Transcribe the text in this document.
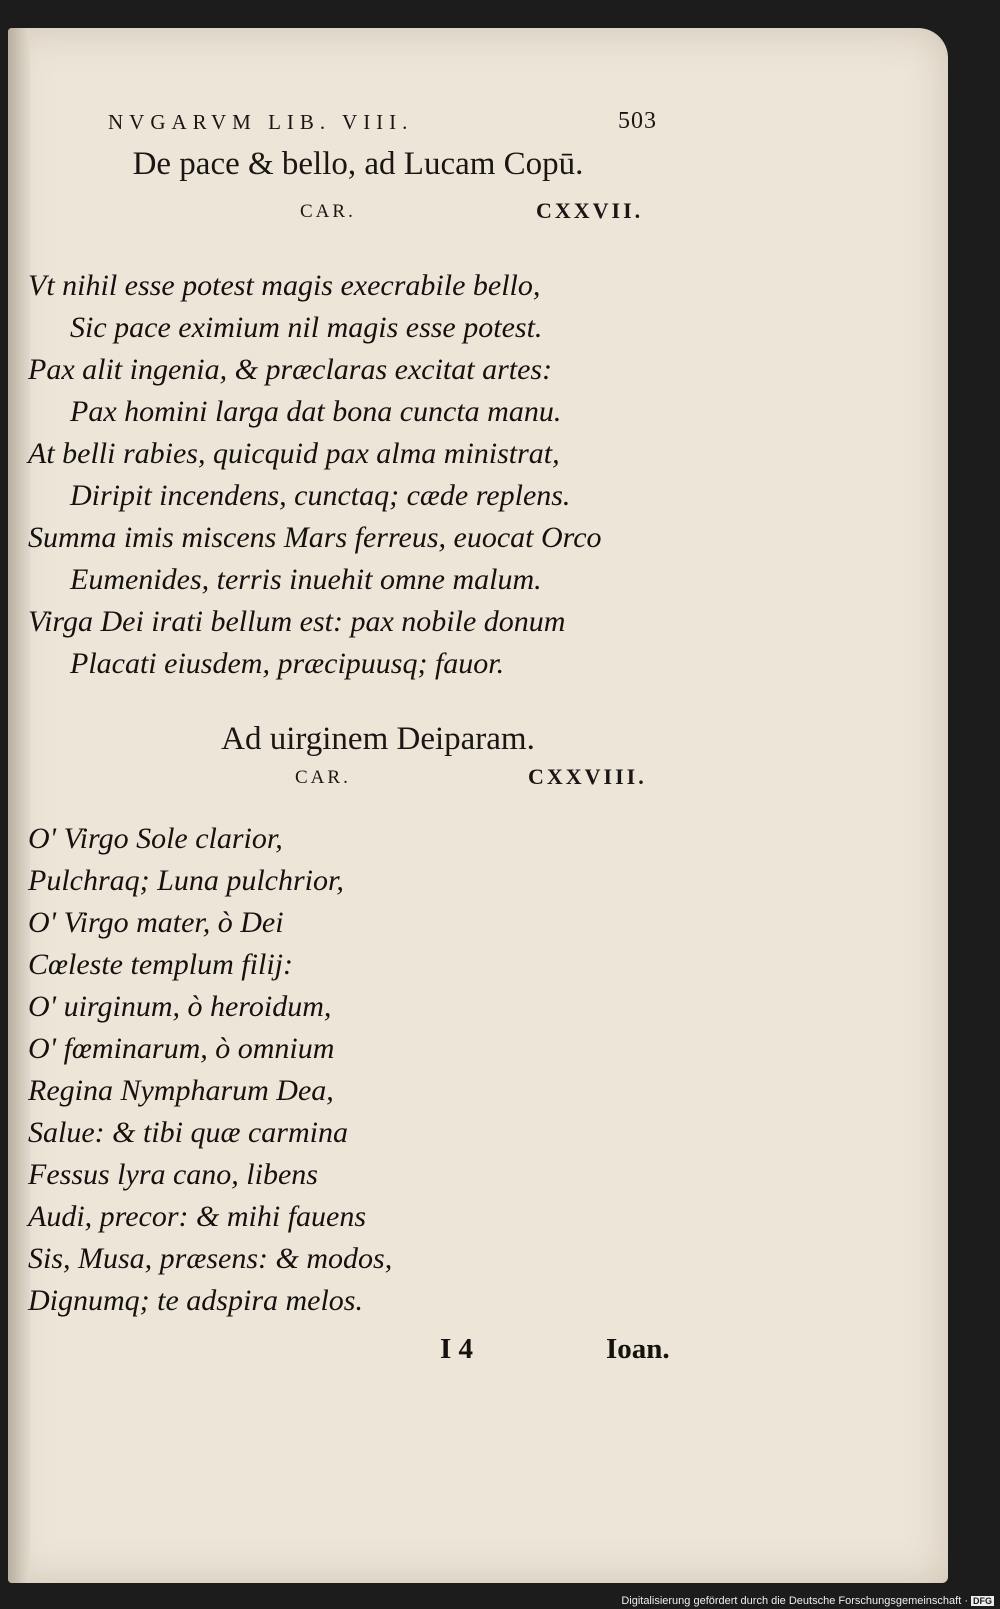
NVGARVM LIB. VIII.	503
De pace & bello, ad Lucam Copū.
CAR.	CXXVII.
Vt nihil esse potest magis execrabile bello,
Sic pace eximium nil magis esse potest.
Pax alit ingenia, & præclaras excitat artes:
Pax homini larga dat bona cuncta manu.
At belli rabies, quicquid pax alma ministrat,
Diripit incendens, cunctaq; cæde replens.
Summa imis miscens Mars ferreus, euocat Orco
Eumenides, terris inuehit omne malum.
Virga Dei irati bellum est: pax nobile donum
Placati eiusdem, præcipuusq; fauor.
Ad uirginem Deiparam.
CAR.	CXXVIII.
O' Virgo Sole clarior,
Pulchraq; Luna pulchrior,
O' Virgo mater, ò Dei
Cœleste templum filij:
O' uirginum, ò heroidum,
O' fœminarum, ò omnium
Regina Nympharum Dea,
Salue: & tibi quæ carmina
Fessus lyra cano, libens
Audi, precor: & mihi fauens
Sis, Musa, præsens: & modos,
Dignumq; te adspira melos.
I 4	Ioan.
Digitalisierung gefördert durch die Deutsche Forschungsgemeinschaft · DFG
